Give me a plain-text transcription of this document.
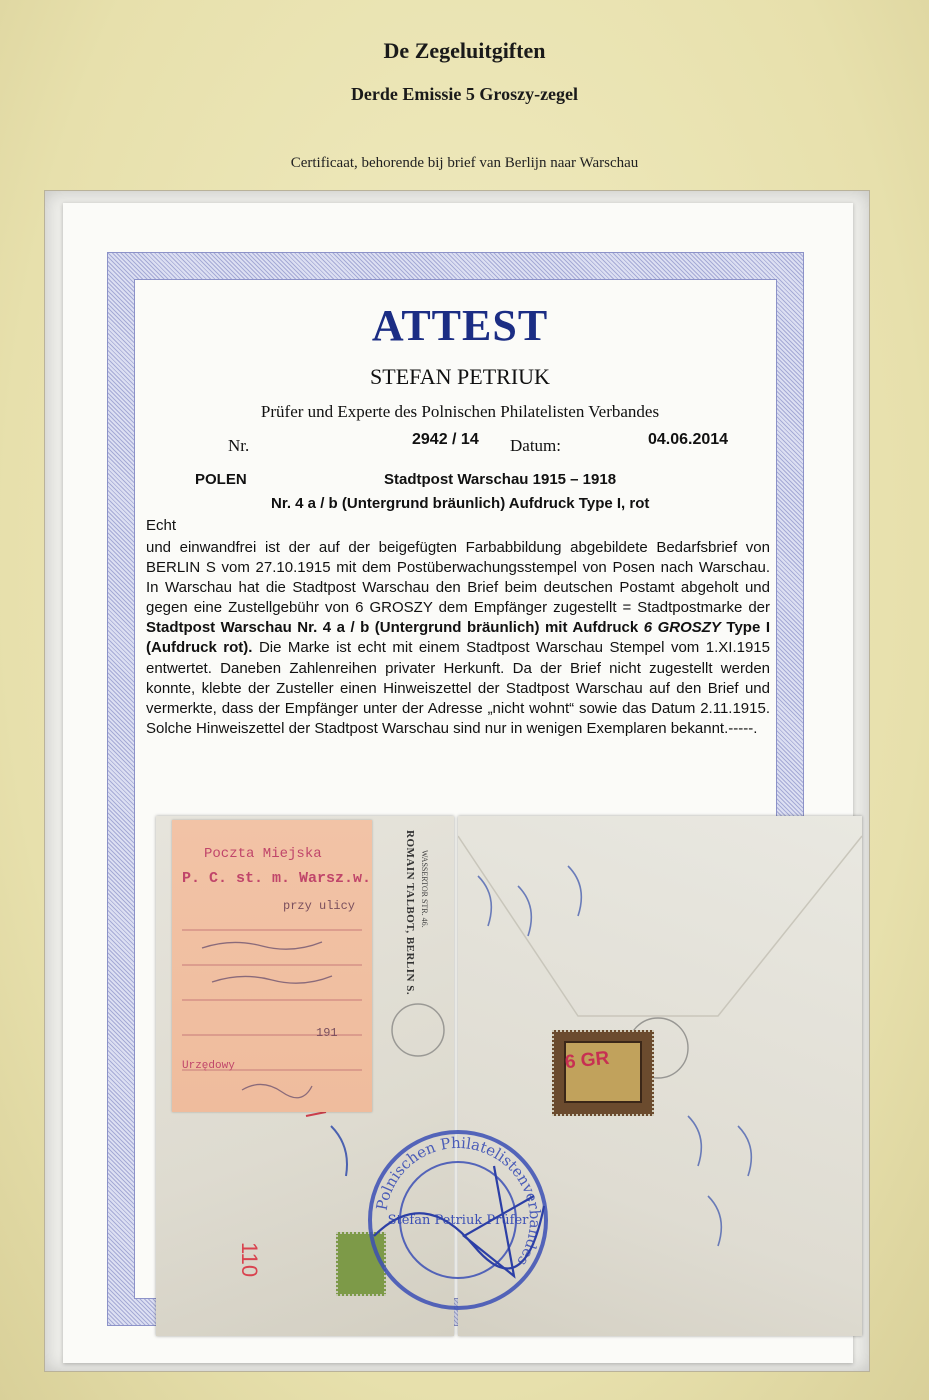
De Zegeluitgiften
Derde Emissie 5 Groszy-zegel
Certificaat, behorende bij brief van Berlijn naar Warschau
ATTEST
STEFAN PETRIUK
Prüfer und Experte des Polnischen Philatelisten Verbandes
Nr.	2942 / 14 Datum:	04.06.2014
POLEN	Stadtpost Warschau 1915 – 1918
Nr. 4 a / b (Untergrund bräunlich) Aufdruck Type I, rot
Echt
und einwandfrei ist der auf der beigefügten Farbabbildung abgebildete Bedarfsbrief von BERLIN S vom 27.10.1915 mit dem Postüberwachungsstempel von Posen nach Warschau. In Warschau hat die Stadtpost Warschau den Brief beim deutschen Postamt abgeholt und gegen eine Zustellgebühr von 6 GROSZY dem Empfänger zugestellt = Stadtpostmarke der Stadtpost Warschau Nr. 4 a / b (Untergrund bräunlich) mit Aufdruck 6 GROSZY Type I (Aufdruck rot). Die Marke ist echt mit einem Stadtpost Warschau Stempel vom 1.XI.1915 entwertet. Daneben Zahlenreihen privater Herkunft. Da der Brief nicht zugestellt werden konnte, klebte der Zusteller einen Hinweiszettel der Stadtpost Warschau auf den Brief und vermerkte, dass der Empfänger unter der Adresse „nicht wohnt“ sowie das Datum 2.11.1915. Solche Hinweiszettel der Stadtpost Warschau sind nur in wenigen Exemplaren bekannt.-----.
Poczta Miejska
P. C. st. m. Warsz.w.
przy ulicy
191
Urzędowy
ROMAIN TALBOT, BERLIN S. WASSERTOR STR. 46.
110
6 GR
Polnischen Philatelistenverbandes
Stefan Petriuk Prüfer
